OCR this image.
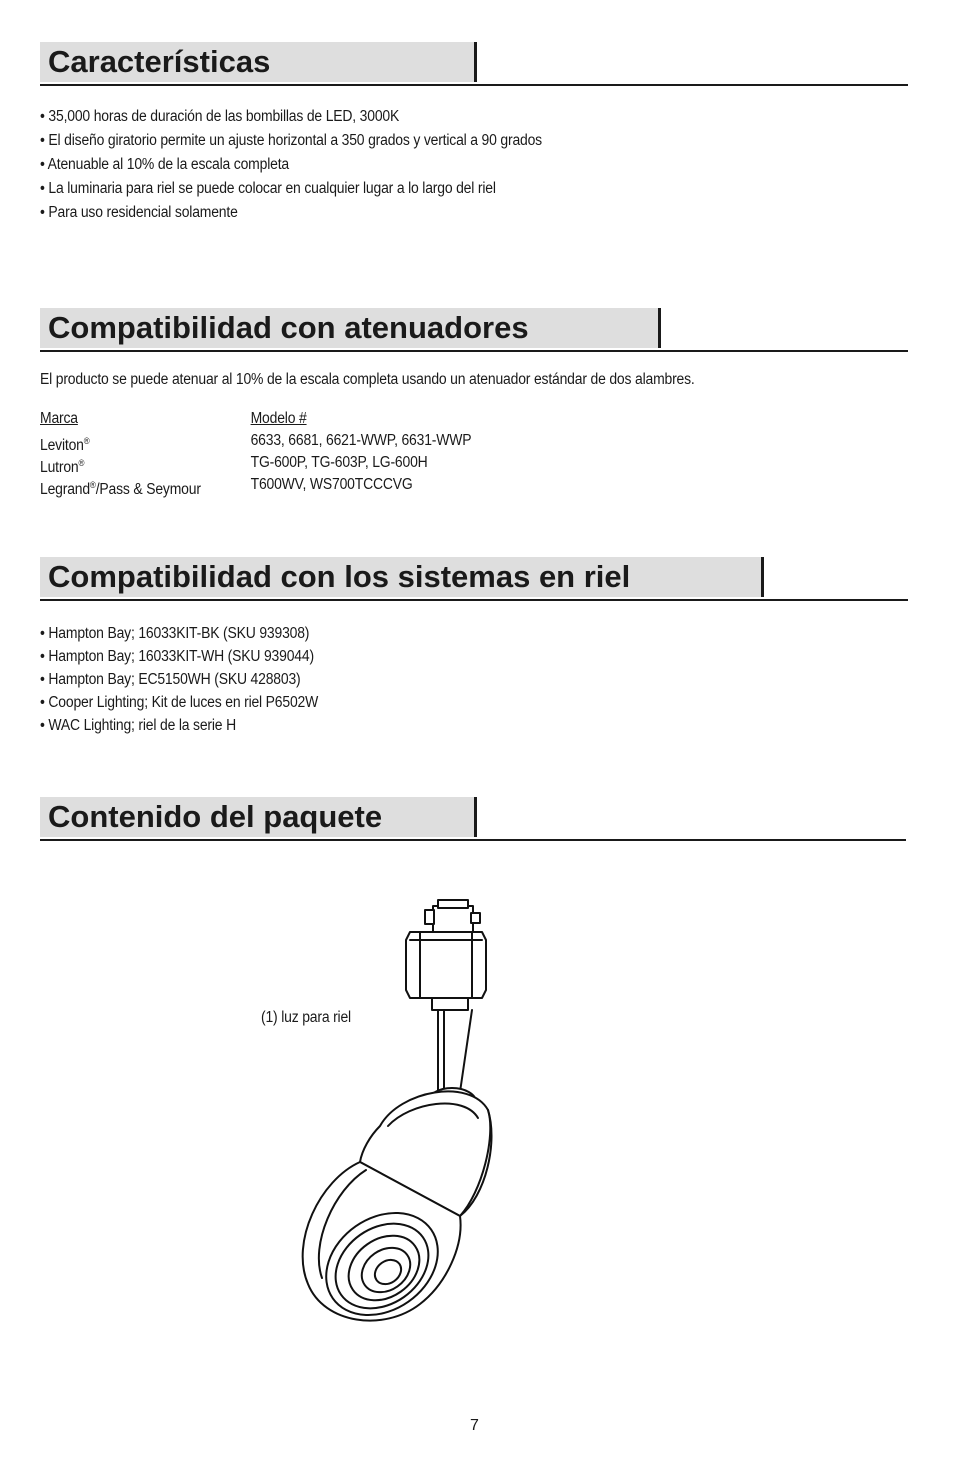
Características
• 35,000 horas de duración de las bombillas de LED, 3000K
• El diseño giratorio permite un ajuste horizontal a 350 grados y vertical a 90 grados
• Atenuable al 10% de la escala completa
• La luminaria para riel se puede colocar en cualquier lugar a lo largo del riel
• Para uso residencial solamente
Compatibilidad con atenuadores
El producto se puede atenuar al 10% de la escala completa usando un atenuador estándar de dos alambres.
Marca	Modelo #
Leviton®	6633, 6681, 6621-WWP, 6631-WWP
Lutron®	TG-600P, TG-603P, LG-600H
Legrand®/Pass & Seymour	T600WV, WS700TCCCVG
Compatibilidad con los sistemas en riel
• Hampton Bay; 16033KIT-BK (SKU 939308)
• Hampton Bay; 16033KIT-WH (SKU 939044)
• Hampton Bay; EC5150WH (SKU 428803)
• Cooper Lighting; Kit de luces en riel P6502W
• WAC Lighting; riel de la serie H
Contenido del paquete
(1) luz para riel
7
